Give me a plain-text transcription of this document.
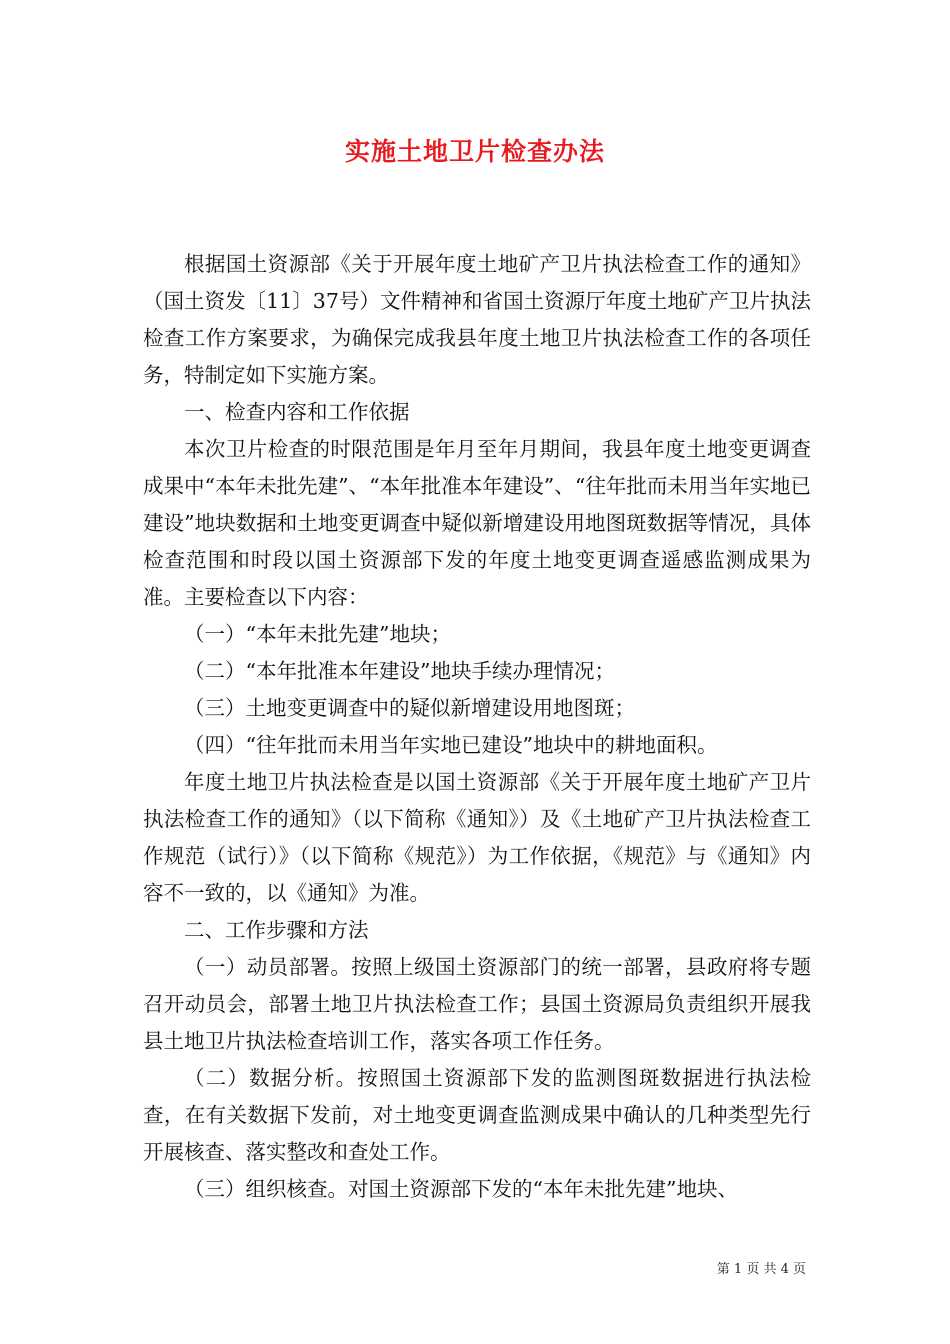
实施土地卫片检查办法

根据国土资源部《关于开展年度土地矿产卫片执法检查工作的通知》（国土资发〔11〕37号）文件精神和省国土资源厅年度土地矿产卫片执法检查工作方案要求，为确保完成我县年度土地卫片执法检查工作的各项任务，特制定如下实施方案。

一、检查内容和工作依据

本次卫片检查的时限范围是年月至年月期间，我县年度土地变更调查成果中“本年未批先建”、“本年批准本年建设”、“往年批而未用当年实地已建设”地块数据和土地变更调查中疑似新增建设用地图斑数据等情况，具体检查范围和时段以国土资源部下发的年度土地变更调查遥感监测成果为准。主要检查以下内容：

（一）“本年未批先建”地块；

（二）“本年批准本年建设”地块手续办理情况；

（三）土地变更调查中的疑似新增建设用地图斑；

（四）“往年批而未用当年实地已建设”地块中的耕地面积。

年度土地卫片执法检查是以国土资源部《关于开展年度土地矿产卫片执法检查工作的通知》（以下简称《通知》）及《土地矿产卫片执法检查工作规范（试行）》（以下简称《规范》）为工作依据，《规范》与《通知》内容不一致的，以《通知》为准。

二、工作步骤和方法

（一）动员部署。按照上级国土资源部门的统一部署，县政府将专题召开动员会，部署土地卫片执法检查工作；县国土资源局负责组织开展我县土地卫片执法检查培训工作，落实各项工作任务。

（二）数据分析。按照国土资源部下发的监测图斑数据进行执法检查，在有关数据下发前，对土地变更调查监测成果中确认的几种类型先行开展核查、落实整改和查处工作。

（三）组织核查。对国土资源部下发的“本年未批先建”地块、

第 1 页 共 4 页
